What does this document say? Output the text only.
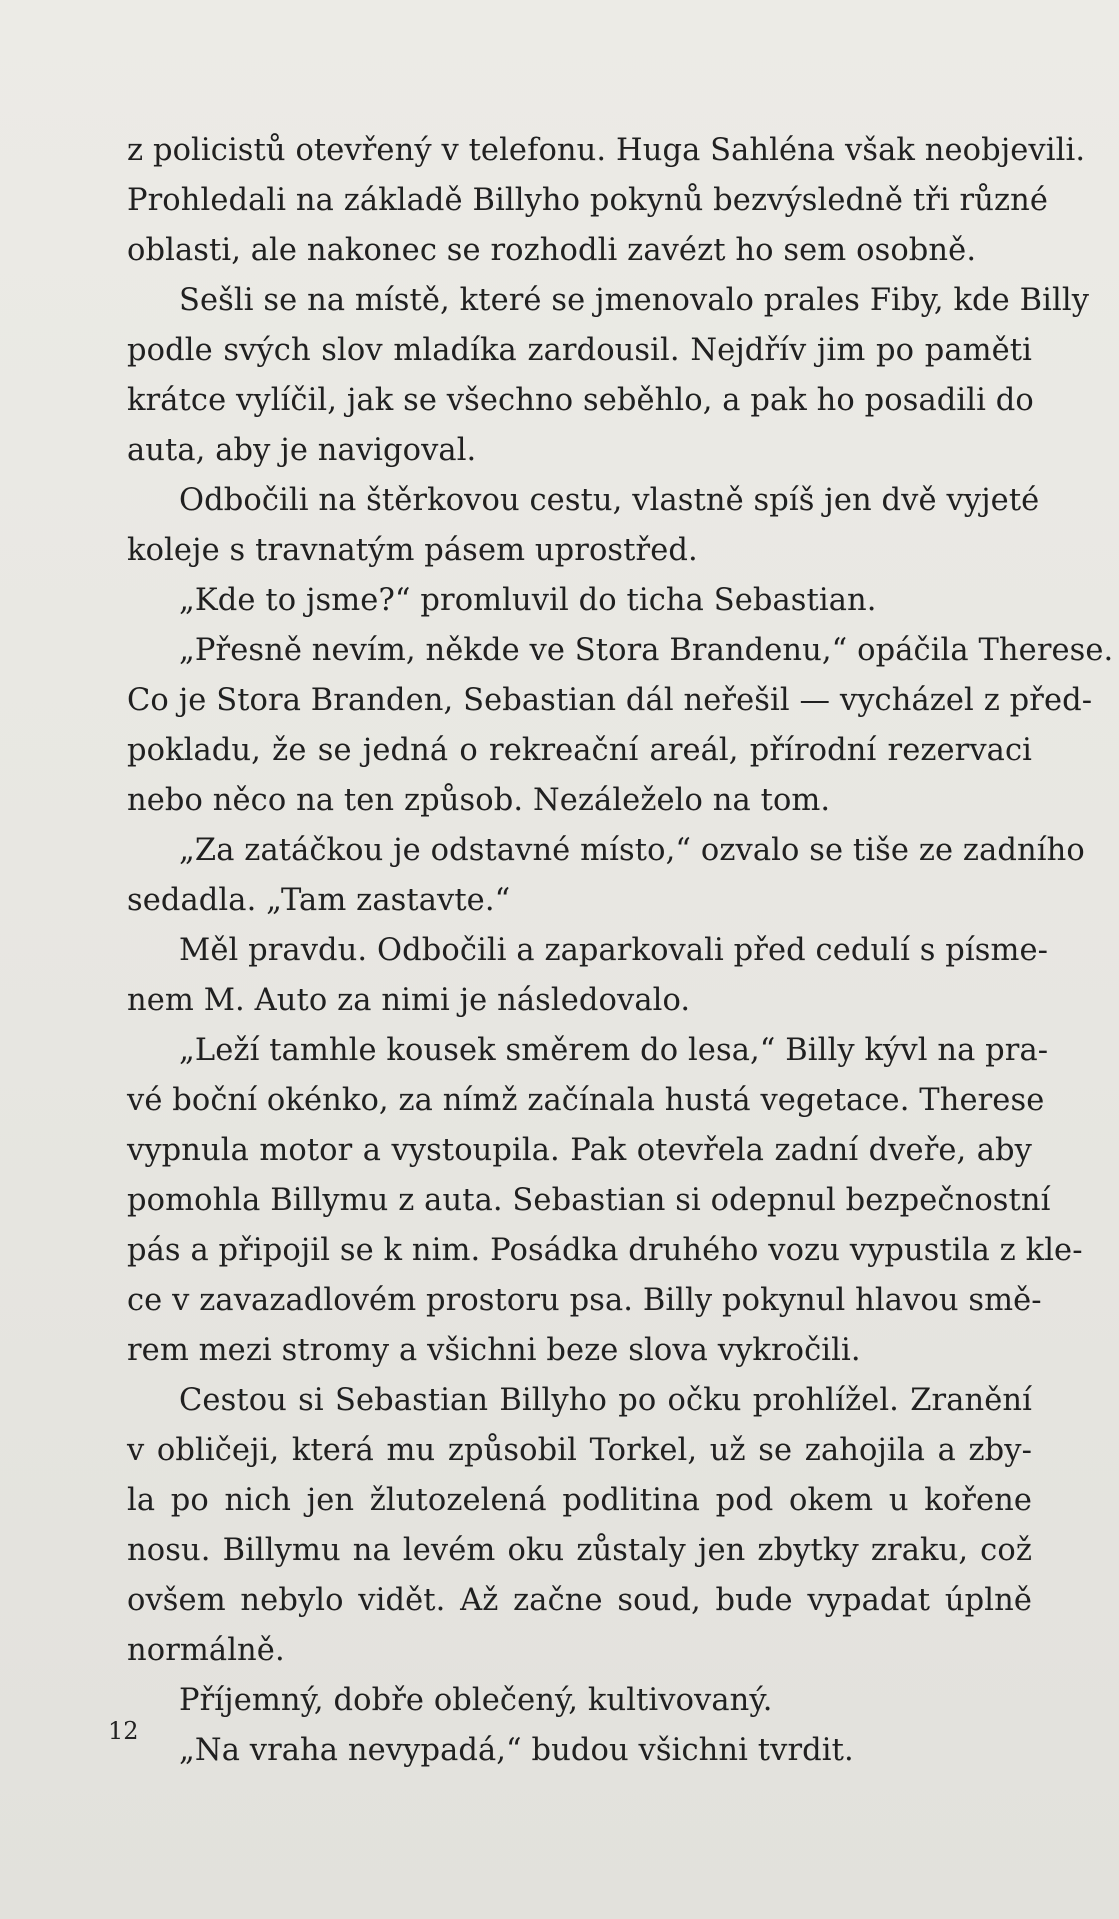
z policistů otevřený v telefonu. Huga Sahléna však neobjevili.
Prohledali na základě Billyho pokynů bezvýsledně tři různé
oblasti, ale nakonec se rozhodli zavézt ho sem osobně.
Sešli se na místě, které se jmenovalo prales Fiby, kde Billy
podle svých slov mladíka zardousil. Nejdřív jim po paměti
krátce vylíčil, jak se všechno seběhlo, a pak ho posadili do
auta, aby je navigoval.
Odbočili na štěrkovou cestu, vlastně spíš jen dvě vyjeté
koleje s travnatým pásem uprostřed.
„Kde to jsme?“ promluvil do ticha Sebastian.
„Přesně nevím, někde ve Stora Brandenu,“ opáčila Therese.
Co je Stora Branden, Sebastian dál neřešil — vycházel z před-
pokladu, že se jedná o rekreační areál, přírodní rezervaci
nebo něco na ten způsob. Nezáleželo na tom.
„Za zatáčkou je odstavné místo,“ ozvalo se tiše ze zadního
sedadla. „Tam zastavte.“
Měl pravdu. Odbočili a zaparkovali před cedulí s písme-
nem M. Auto za nimi je následovalo.
„Leží tamhle kousek směrem do lesa,“ Billy kývl na pra-
vé boční okénko, za nímž začínala hustá vegetace. Therese
vypnula motor a vystoupila. Pak otevřela zadní dveře, aby
pomohla Billymu z auta. Sebastian si odepnul bezpečnostní
pás a připojil se k nim. Posádka druhého vozu vypustila z kle-
ce v zavazadlovém prostoru psa. Billy pokynul hlavou smě-
rem mezi stromy a všichni beze slova vykročili.
Cestou si Sebastian Billyho po očku prohlížel. Zranění
v obličeji, která mu způsobil Torkel, už se zahojila a zby-
la po nich jen žlutozelená podlitina pod okem u kořene
nosu. Billymu na levém oku zůstaly jen zbytky zraku, což
ovšem nebylo vidět. Až začne soud, bude vypadat úplně
normálně.
Příjemný, dobře oblečený, kultivovaný.
„Na vraha nevypadá,“ budou všichni tvrdit.
12
